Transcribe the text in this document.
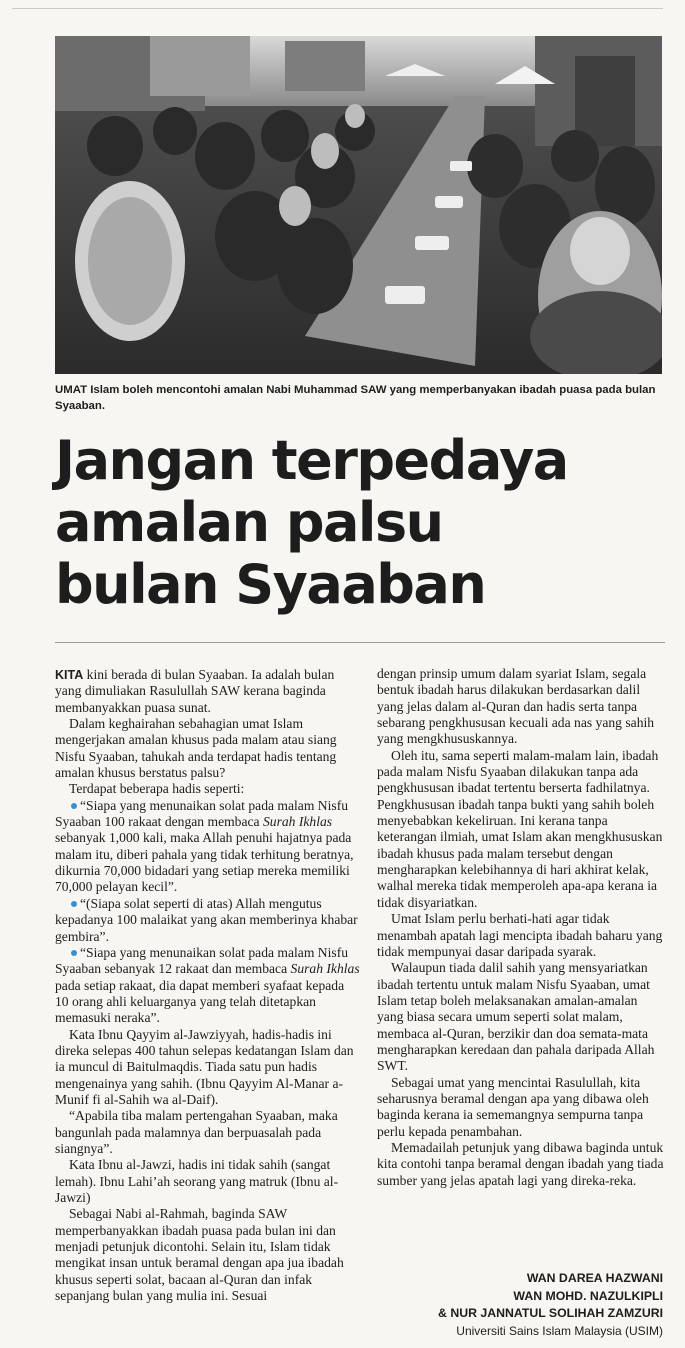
UMAT Islam boleh mencontohi amalan Nabi Muhammad SAW yang memperbanyakan ibadah puasa pada bulan Syaaban.
Jangan terpedaya
amalan palsu
bulan Syaaban

KITA kini berada di bulan Syaaban. Ia adalah bulan yang dimuliakan Rasulullah SAW kerana baginda membanyakkan puasa sunat.

Dalam keghairahan sebahagian umat Islam mengerjakan amalan khusus pada malam atau siang Nisfu Syaaban, tahukah anda terdapat hadis tentang amalan khusus berstatus palsu?

Terdapat beberapa hadis seperti:

“Siapa yang menunaikan solat pada malam Nisfu Syaaban 100 rakaat dengan membaca Surah Ikhlas sebanyak 1,000 kali, maka Allah penuhi hajatnya pada malam itu, diberi pahala yang tidak terhitung beratnya, dikurnia 70,000 bidadari yang setiap mereka memiliki 70,000 pelayan kecil”.

“(Siapa solat seperti di atas) Allah mengutus kepadanya 100 malaikat yang akan memberinya khabar gembira”.

“Siapa yang menunaikan solat pada malam Nisfu Syaaban sebanyak 12 rakaat dan membaca Surah Ikhlas pada setiap rakaat, dia dapat memberi syafaat kepada 10 orang ahli keluarganya yang telah ditetapkan memasuki neraka”.

Kata Ibnu Qayyim al-Jawziyyah, hadis-hadis ini direka selepas 400 tahun selepas kedatangan Islam dan ia muncul di Baitulmaqdis. Tiada satu pun hadis mengenainya yang sahih. (Ibnu Qayyim Al-Manar a-Munif fi al-Sahih wa al-Daif).

“Apabila tiba malam pertengahan Syaaban, maka bangunlah pada malamnya dan berpuasalah pada siangnya”.

Kata Ibnu al-Jawzi, hadis ini tidak sahih (sangat lemah). Ibnu Lahi’ah seorang yang matruk (Ibnu al-Jawzi)

Sebagai Nabi al-Rahmah, baginda SAW memperbanyakkan ibadah puasa pada bulan ini dan menjadi petunjuk dicontohi. Selain itu, Islam tidak mengikat insan untuk beramal dengan apa jua ibadah khusus seperti solat, bacaan al-Quran dan infak sepanjang bulan yang mulia ini. Sesuai

dengan prinsip umum dalam syariat Islam, segala bentuk ibadah harus dilakukan berdasarkan dalil yang jelas dalam al-Quran dan hadis serta tanpa sebarang pengkhususan kecuali ada nas yang sahih yang mengkhususkannya.

Oleh itu, sama seperti malam-malam lain, ibadah pada malam Nisfu Syaaban dilakukan tanpa ada pengkhususan ibadat tertentu berserta fadhilatnya. Pengkhususan ibadah tanpa bukti yang sahih boleh menyebabkan kekeliruan. Ini kerana tanpa keterangan ilmiah, umat Islam akan mengkhususkan ibadah khusus pada malam tersebut dengan mengharapkan kelebihannya di hari akhirat kelak, walhal mereka tidak memperoleh apa-apa kerana ia tidak disyariatkan.

Umat Islam perlu berhati-hati agar tidak menambah apatah lagi mencipta ibadah baharu yang tidak mempunyai dasar daripada syarak.

Walaupun tiada dalil sahih yang mensyariatkan ibadah tertentu untuk malam Nisfu Syaaban, umat Islam tetap boleh melaksanakan amalan-amalan yang biasa secara umum seperti solat malam, membaca al-Quran, berzikir dan doa semata-mata mengharapkan keredaan dan pahala daripada Allah SWT.

Sebagai umat yang mencintai Rasulullah, kita seharusnya beramal dengan apa yang dibawa oleh baginda kerana ia sememangnya sempurna tanpa perlu kepada penambahan.

Memadailah petunjuk yang dibawa baginda untuk kita contohi tanpa beramal dengan ibadah yang tiada sumber yang jelas apatah lagi yang direka-reka.

WAN DAREA HAZWANI
WAN MOHD. NAZULKIPLI
& NUR JANNATUL SOLIHAH ZAMZURI
Universiti Sains Islam Malaysia (USIM)
